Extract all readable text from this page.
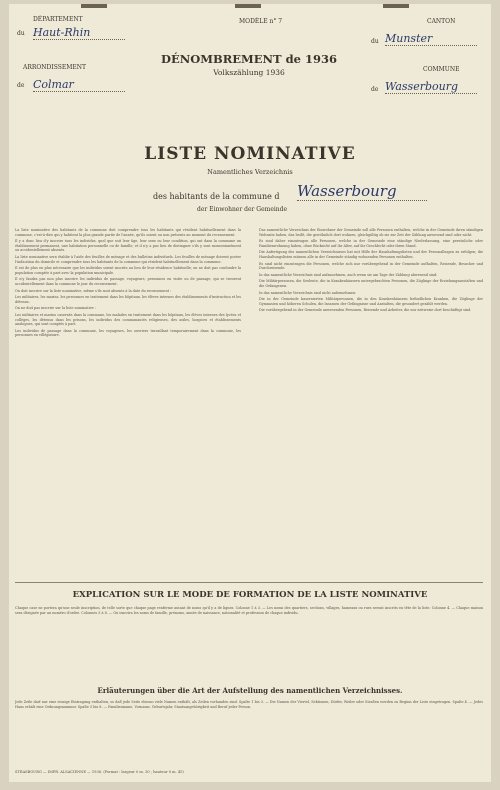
DÉPARTEMENT
du Haut-Rhin
ARRONDISSEMENT
de Colmar
MODÈLE n° 7
DÉNOMBREMENT de 1936
Volkszählung 1936
CANTON
du Munster
COMMUNE
de Wasserbourg
LISTE NOMINATIVE
Namentliches Verzeichnis
des habitants de la commune d Wasserbourg
der Einwohner der Gemeinde

La liste nominative des habitants de la commune doit comprendre tous les habitants qui résident habituellement dans la commune, c'est-à-dire qui y habitent la plus grande partie de l'année, qu'ils soient ou non présents au moment du recensement.

Il y a donc lieu d'y inscrire tous les individus, quel que soit leur âge, leur sexe ou leur condition, qui ont dans la commune un établissement permanent, une habitation personnelle ou de famille; et il n'y a pas lieu de distinguer s'ils y sont momentanément ou accidentellement absents.

La liste nominative sera établie à l'aide des feuilles de ménage et des bulletins individuels. Les feuilles de ménage doivent porter l'indication du domicile et comprendre tous les habitants de la commune qui résident habituellement dans la commune.

Il est de plus en plus nécessaire que les individus soient inscrits au lieu de leur résidence habituelle; on ne doit pas confondre la population comptée à part avec la population municipale.

Il n'y faudra pas non plus inscrire les individus de passage, voyageurs, personnes en visite ou de passage, qui se trouvent accidentellement dans la commune le jour du recensement.

On doit inscrire sur la liste nominative, même s'ils sont absents à la date du recensement :

Les militaires, les marins, les personnes en traitement dans les hôpitaux, les élèves internes des établissements d'instruction et les détenus.

On ne doit pas inscrire sur la liste nominative :

Les militaires et marins casernés dans la commune, les malades en traitement dans les hôpitaux, les élèves internes des lycées et collèges, les détenus dans les prisons, les individus des communautés religieuses, des asiles, hospices et établissements analogues, qui sont comptés à part.

Les individus de passage dans la commune, les voyageurs, les ouvriers travaillant temporairement dans la commune, les personnes en villégiature.

Das namentliche Verzeichnis der Einwohner der Gemeinde soll alle Personen enthalten, welche in der Gemeinde ihren ständigen Wohnsitz haben, das heißt, die gewöhnlich dort wohnen, gleichgültig ob sie zur Zeit der Zählung anwesend sind oder nicht.

Es sind daher einzutragen alle Personen, welche in der Gemeinde eine ständige Niederlassung, eine persönliche oder Familienwohnung haben, ohne Rücksicht auf ihr Alter, auf ihr Geschlecht oder ihren Stand.

Die Anfertigung des namentlichen Verzeichnisses hat mit Hilfe der Haushaltungslisten und der Personalbogen zu erfolgen; die Haushaltungslisten müssen alle in der Gemeinde ständig wohnenden Personen enthalten.

Es sind nicht einzutragen die Personen, welche sich nur vorübergehend in der Gemeinde aufhalten, Reisende, Besucher und Durchreisende.

In das namentliche Verzeichnis sind aufzunehmen, auch wenn sie am Tage der Zählung abwesend sind:

Die Militärpersonen, die Seeleute, die in Krankenhäusern untergebrachten Personen, die Zöglinge der Erziehungsanstalten und die Gefangenen.

In das namentliche Verzeichnis sind nicht aufzunehmen:

Die in der Gemeinde kasernierten Militärpersonen, die in den Krankenhäusern befindlichen Kranken, die Zöglinge der Gymnasien und höheren Schulen, die Insassen der Gefängnisse und Anstalten, die gesondert gezählt werden.

Die vorübergehend in der Gemeinde anwesenden Personen, Reisende und Arbeiter, die nur zeitweise dort beschäftigt sind.

EXPLICATION SUR LE MODE DE FORMATION DE LA LISTE NOMINATIVE
Chaque case ne portera qu'une seule inscription, de telle sorte que chaque page renferme autant de noms qu'il y a de lignes. Colonne 1 à 3. — Les noms des quartiers, sections, villages, hameaux ou rues seront inscrits en tête de la liste. Colonne 4. — Chaque maison sera désignée par un numéro d'ordre. Colonnes 5 à 8. — On inscrira les noms de famille, prénoms, année de naissance, nationalité et profession de chaque individu.
Erläuterungen über die Art der Aufstellung des namentlichen Verzeichnisses.
Jede Zeile darf nur eine einzige Eintragung enthalten, so daß jede Seite ebenso viele Namen enthält, als Zeilen vorhanden sind. Spalte 1 bis 3. — Die Namen der Viertel, Sektionen, Dörfer, Weiler oder Straßen werden zu Beginn der Liste eingetragen. Spalte 4. — Jedes Haus erhält eine Ordnungsnummer. Spalte 5 bis 8. — Familienname, Vorname, Geburtsjahr, Staatsangehörigkeit und Beruf jeder Person.
STRASBOURG — IMPR. ALSACIENNE — 1936. (Format : largeur 0 m. 30 ; hauteur 0 m. 45)
